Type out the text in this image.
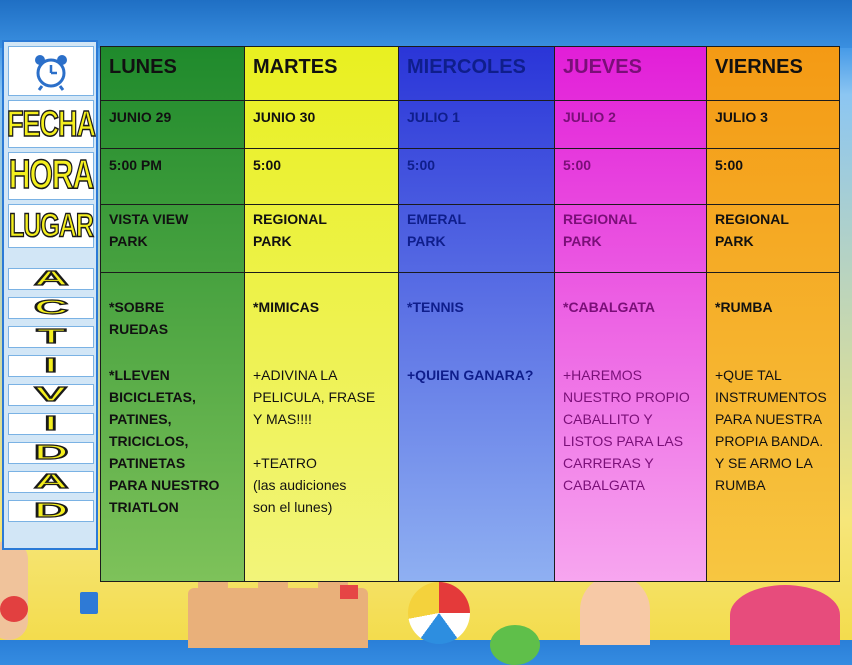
FECHA
HORA
LUGAR
A
C
T
I
V
I
D
A
D
LUNES
JUNIO 29
5:00 PM
VISTA VIEW
PARK
*SOBRE
RUEDAS
*LLEVEN
BICICLETAS,
PATINES,
TRICICLOS,
PATINETAS
PARA NUESTRO
TRIATLON
MARTES
JUNIO 30
5:00
REGIONAL
PARK
*MIMICAS
+ADIVINA LA
PELICULA, FRASE
Y MAS!!!!
+TEATRO
(las audiciones
son el lunes)
MIERCOLES
JULIO 1
5:00
EMERAL
PARK
*TENNIS
+QUIEN GANARA?
JUEVES
JULIO 2
5:00
REGIONAL
PARK
*CABALGATA
+HAREMOS
NUESTRO PROPIO
CABALLITO Y
LISTOS PARA LAS
CARRERAS Y
CABALGATA
VIERNES
JULIO 3
5:00
REGIONAL
PARK
*RUMBA
+QUE TAL
INSTRUMENTOS
PARA NUESTRA
PROPIA BANDA.
Y SE ARMO LA
RUMBA
